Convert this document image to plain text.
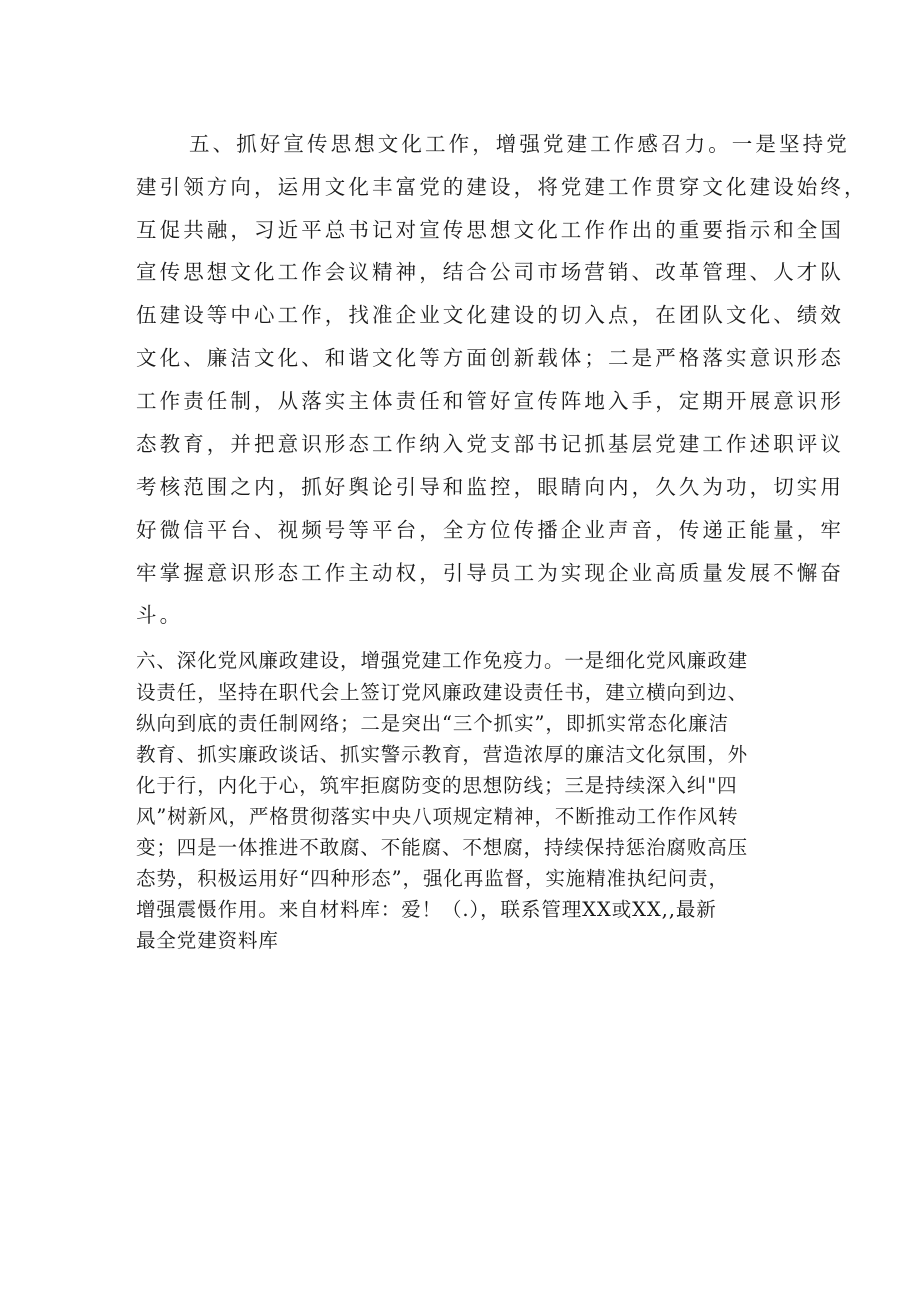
五、抓好宣传思想文化工作，增强党建工作感召力。一是坚持党

建引领方向，运用文化丰富党的建设，将党建工作贯穿文化建设始终，

互促共融，习近平总书记对宣传思想文化工作作出的重要指示和全国

宣传思想文化工作会议精神，结合公司市场营销、改革管理、人才队

伍建设等中心工作，找准企业文化建设的切入点，在团队文化、绩效

文化、廉洁文化、和谐文化等方面创新载体；二是严格落实意识形态

工作责任制，从落实主体责任和管好宣传阵地入手，定期开展意识形

态教育，并把意识形态工作纳入党支部书记抓基层党建工作述职评议

考核范围之内，抓好舆论引导和监控，眼睛向内，久久为功，切实用

好微信平台、视频号等平台，全方位传播企业声音，传递正能量，牢

牢掌握意识形态工作主动权，引导员工为实现企业高质量发展不懈奋

斗。

六、深化党风廉政建设，增强党建工作免疫力。一是细化党风廉政建

设责任，坚持在职代会上签订党风廉政建设责任书，建立横向到边、

纵向到底的责任制网络；二是突出“三个抓实”，即抓实常态化廉洁

教育、抓实廉政谈话、抓实警示教育，营造浓厚的廉洁文化氛围，外

化于行，内化于心，筑牢拒腐防变的思想防线；三是持续深入纠"四

风”树新风，严格贯彻落实中央八项规定精神，不断推动工作作风转

变；四是一体推进不敢腐、不能腐、不想腐，持续保持惩治腐败高压

态势，积极运用好“四种形态”，强化再监督，实施精准执纪问责，

增强震慑作用。来自材料库：爱！（.），联系管理XX或XX,,最新

最全党建资料库
